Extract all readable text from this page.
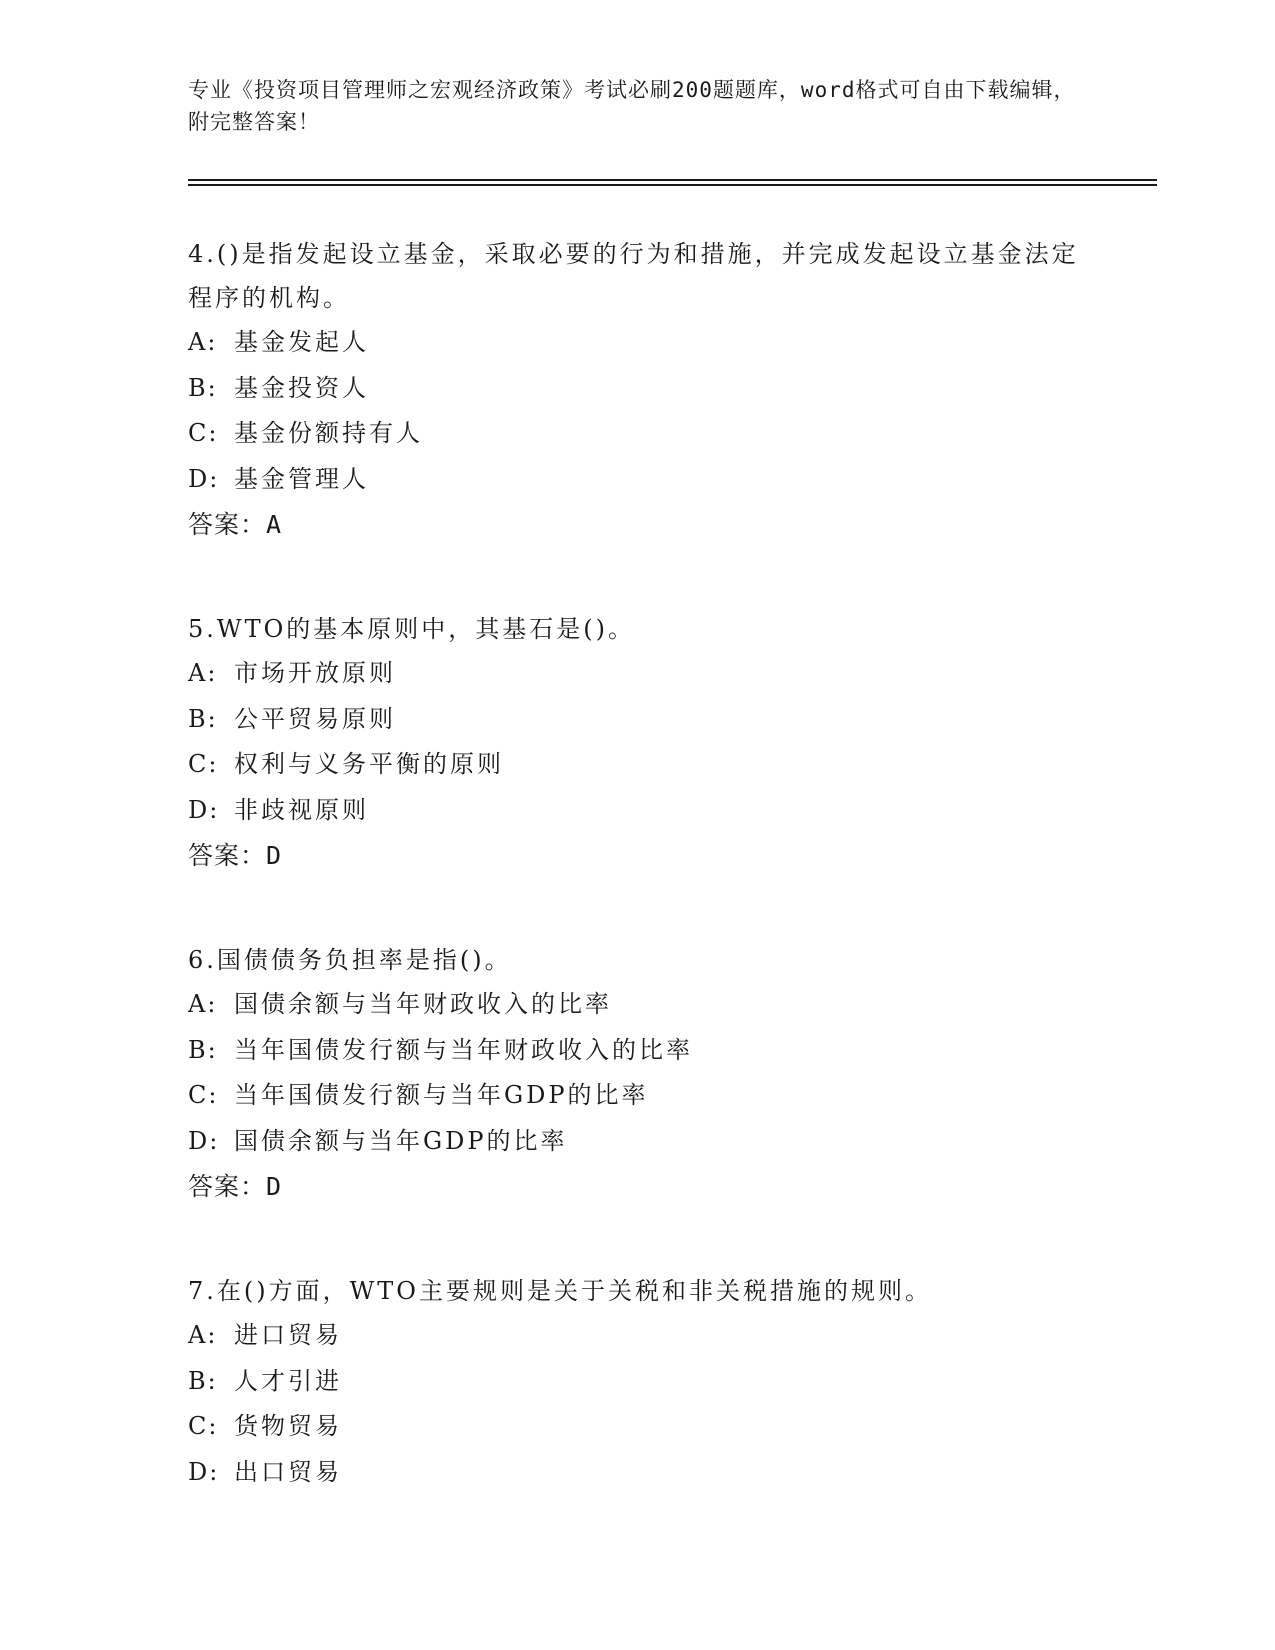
专业《投资项目管理师之宏观经济政策》考试必刷200题题库，word格式可自由下载编辑，附完整答案！
4.()是指发起设立基金，采取必要的行为和措施，并完成发起设立基金法定程序的机构。
A: 基金发起人
B: 基金投资人
C: 基金份额持有人
D: 基金管理人
答案：A
5.WTO的基本原则中，其基石是()。
A: 市场开放原则
B: 公平贸易原则
C: 权利与义务平衡的原则
D: 非歧视原则
答案：D
6.国债债务负担率是指()。
A: 国债余额与当年财政收入的比率
B: 当年国债发行额与当年财政收入的比率
C: 当年国债发行额与当年GDP的比率
D: 国债余额与当年GDP的比率
答案：D
7.在()方面，WTO主要规则是关于关税和非关税措施的规则。
A: 进口贸易
B: 人才引进
C: 货物贸易
D: 出口贸易
